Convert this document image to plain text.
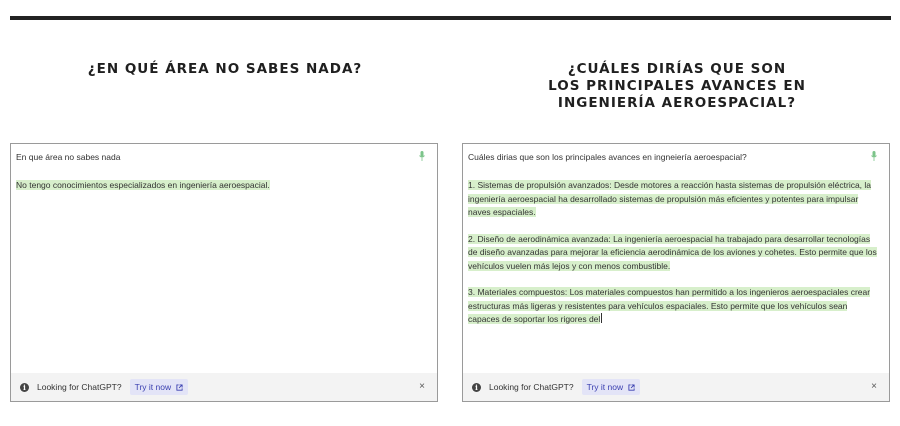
¿EN QUÉ ÁREA NO SABES NADA?	¿CUÁLES DIRÍAS QUE SON
LOS PRINCIPALES AVANCES EN
INGENIERÍA AEROESPACIAL?
En que área no sabes nada

No tengo conocimientos especializados en ingeniería aeroespacial.

i	Looking for ChatGPT? Try it now	×
Cuáles dirias que son los principales avances en ingneiería aeroespacial?

1. Sistemas de propulsión avanzados: Desde motores a reacción hasta sistemas de propulsión eléctrica, la ingeniería aeroespacial ha desarrollado sistemas de propulsión más eficientes y potentes para impulsar naves espaciales.

2. Diseño de aerodinámica avanzada: La ingeniería aeroespacial ha trabajado para desarrollar tecnologías de diseño avanzadas para mejorar la eficiencia aerodinámica de los aviones y cohetes. Esto permite que los vehículos vuelen más lejos y con menos combustible.

3. Materiales compuestos: Los materiales compuestos han permitido a los ingenieros aeroespaciales crear estructuras más ligeras y resistentes para vehículos espaciales. Esto permite que los vehículos sean capaces de soportar los rigores del

i	Looking for ChatGPT? Try it now	×
